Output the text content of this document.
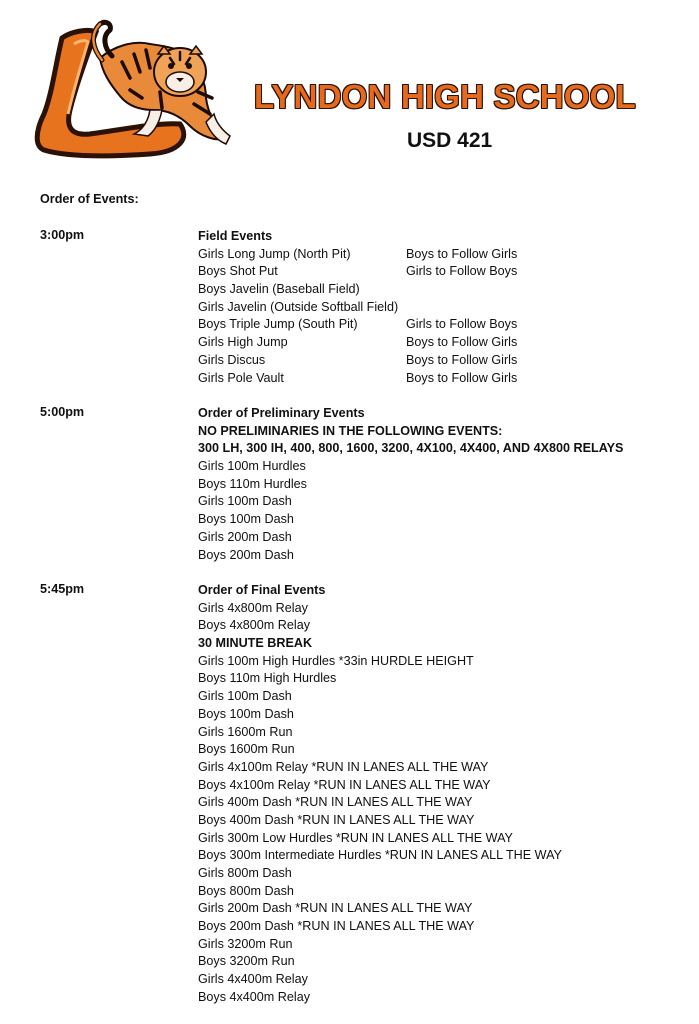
LYNDON HIGH SCHOOL
USD 421
Order of Events:
3:00pm	Field Events
Girls Long Jump (North Pit)	Boys to Follow Girls
Boys Shot Put	Girls to Follow Boys
Boys Javelin (Baseball Field)
Girls Javelin (Outside Softball Field)
Boys Triple Jump (South Pit)	Girls to Follow Boys
Girls High Jump	Boys to Follow Girls
Girls Discus	Boys to Follow Girls
Girls Pole Vault	Boys to Follow Girls
5:00pm	Order of Preliminary Events
NO PRELIMINARIES IN THE FOLLOWING EVENTS:
300 LH, 300 IH, 400, 800, 1600, 3200, 4X100, 4X400, AND 4X800 RELAYS
Girls 100m Hurdles
Boys 110m Hurdles
Girls 100m Dash
Boys 100m Dash
Girls 200m Dash
Boys 200m Dash
5:45pm	Order of Final Events
Girls 4x800m Relay
Boys 4x800m Relay
30 MINUTE BREAK
Girls 100m High Hurdles *33in HURDLE HEIGHT
Boys 110m High Hurdles
Girls 100m Dash
Boys 100m Dash
Girls 1600m Run
Boys 1600m Run
Girls 4x100m Relay *RUN IN LANES ALL THE WAY
Boys 4x100m Relay *RUN IN LANES ALL THE WAY
Girls 400m Dash *RUN IN LANES ALL THE WAY
Boys 400m Dash *RUN IN LANES ALL THE WAY
Girls 300m Low Hurdles *RUN IN LANES ALL THE WAY
Boys 300m Intermediate Hurdles *RUN IN LANES ALL THE WAY
Girls 800m Dash
Boys 800m Dash
Girls 200m Dash *RUN IN LANES ALL THE WAY
Boys 200m Dash *RUN IN LANES ALL THE WAY
Girls 3200m Run
Boys 3200m Run
Girls 4x400m Relay
Boys 4x400m Relay
